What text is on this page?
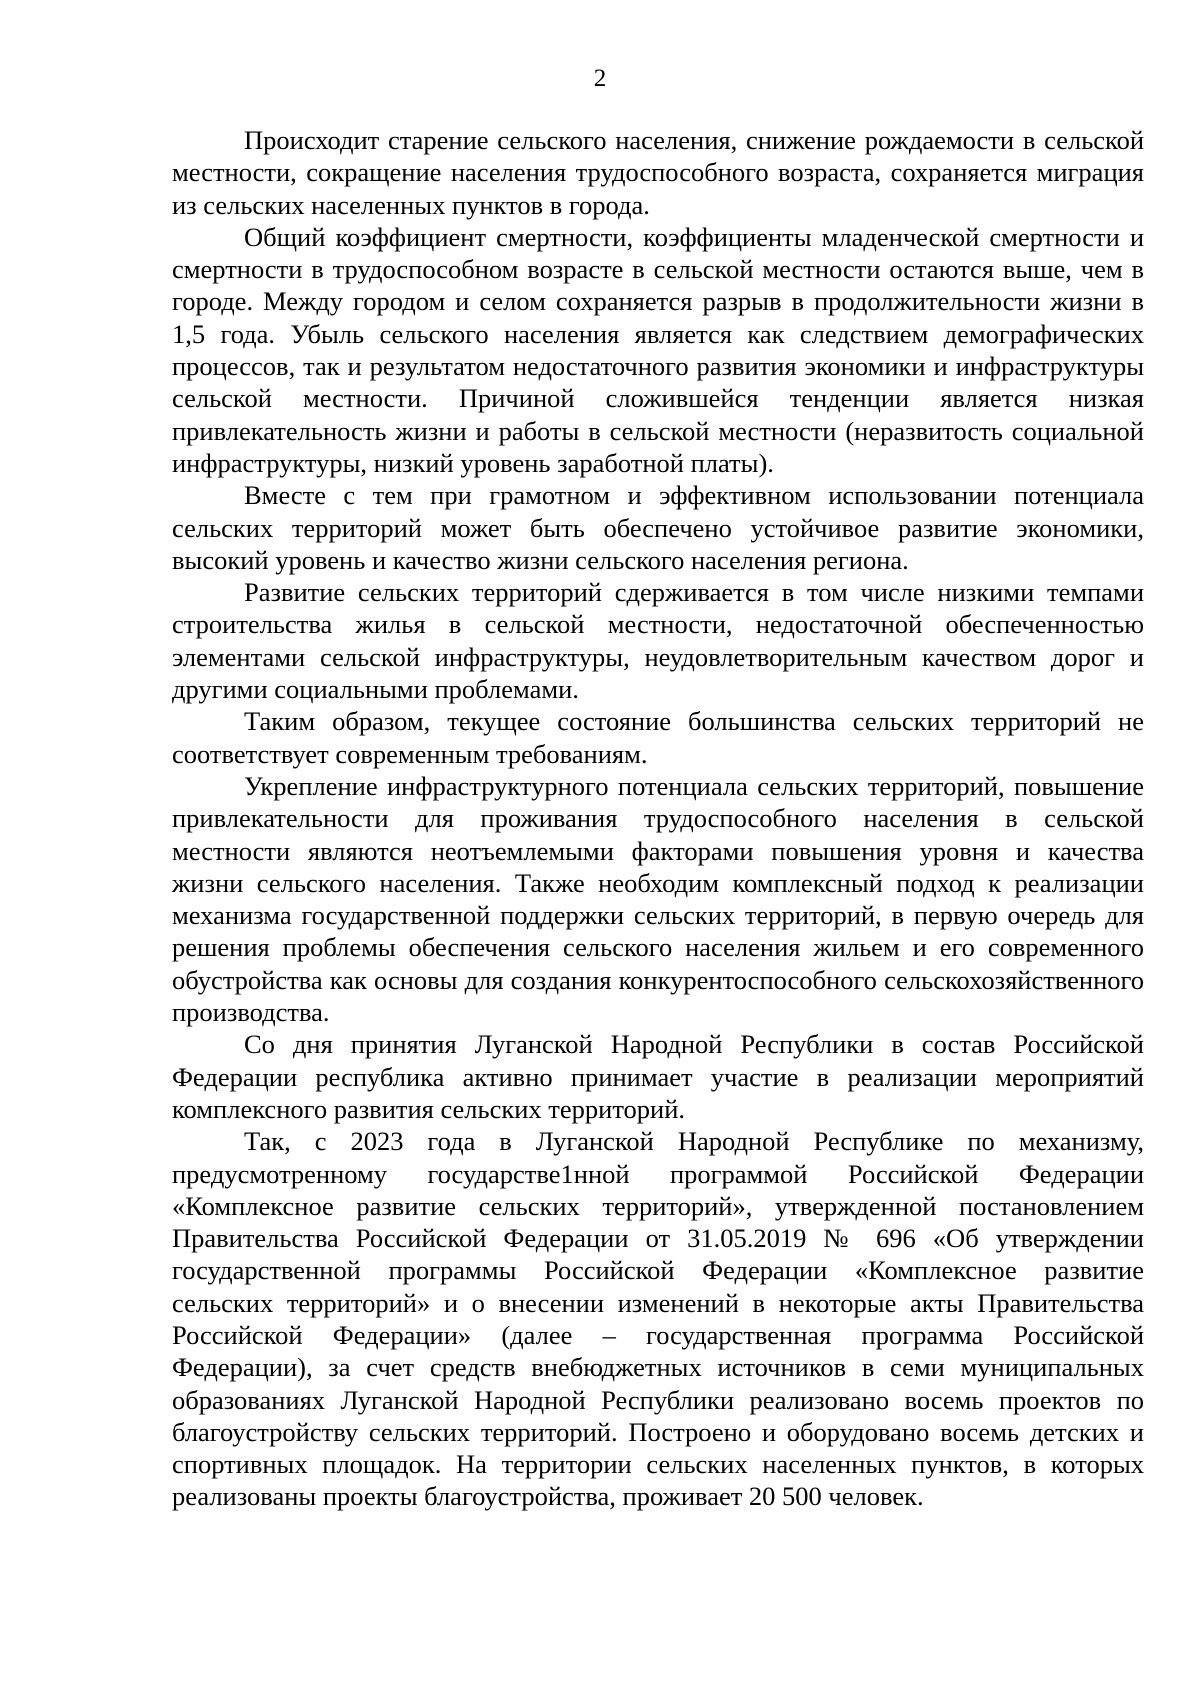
2

Происходит старение сельского населения, снижение рождаемости в сельской местности, сокращение населения трудоспособного возраста, сохраняется миграция из сельских населенных пунктов в города.

Общий коэффициент смертности, коэффициенты младенческой смертности и смертности в трудоспособном возрасте в сельской местности остаются выше, чем в городе. Между городом и селом сохраняется разрыв в продолжительности жизни в 1,5 года. Убыль сельского населения является как следствием демографических процессов, так и результатом недостаточного развития экономики и инфраструктуры сельской местности. Причиной сложившейся тенденции является низкая привлекательность жизни и работы в сельской местности (неразвитость социальной инфраструктуры, низкий уровень заработной платы).

Вместе с тем при грамотном и эффективном использовании потенциала сельских территорий может быть обеспечено устойчивое развитие экономики, высокий уровень и качество жизни сельского населения региона.

Развитие сельских территорий сдерживается в том числе низкими темпами строительства жилья в сельской местности, недостаточной обеспеченностью элементами сельской инфраструктуры, неудовлетворительным качеством дорог и другими социальными проблемами.

Таким образом, текущее состояние большинства сельских территорий не соответствует современным требованиям.

Укрепление инфраструктурного потенциала сельских территорий, повышение привлекательности для проживания трудоспособного населения в сельской местности являются неотъемлемыми факторами повышения уровня и качества жизни сельского населения. Также необходим комплексный подход к реализации механизма государственной поддержки сельских территорий, в первую очередь для решения проблемы обеспечения сельского населения жильем и его современного обустройства как основы для создания конкурентоспособного сельскохозяйственного производства.

Со дня принятия Луганской Народной Республики в состав Российской Федерации республика активно принимает участие в реализации мероприятий комплексного развития сельских территорий.

Так, с 2023 года в Луганской Народной Республике по механизму, предусмотренному государстве1нной программой Российской Федерации «Комплексное развитие сельских территорий», утвержденной постановлением Правительства Российской Федерации от 31.05.2019 № 696 «Об утверждении государственной программы Российской Федерации «Комплексное развитие сельских территорий» и о внесении изменений в некоторые акты Правительства Российской Федерации» (далее – государственная программа Российской Федерации), за счет средств внебюджетных источников в семи муниципальных образованиях Луганской Народной Республики реализовано восемь проектов по благоустройству сельских территорий. Построено и оборудовано восемь детских и спортивных площадок. На территории сельских населенных пунктов, в которых реализованы проекты благоустройства, проживает 20 500 человек.
